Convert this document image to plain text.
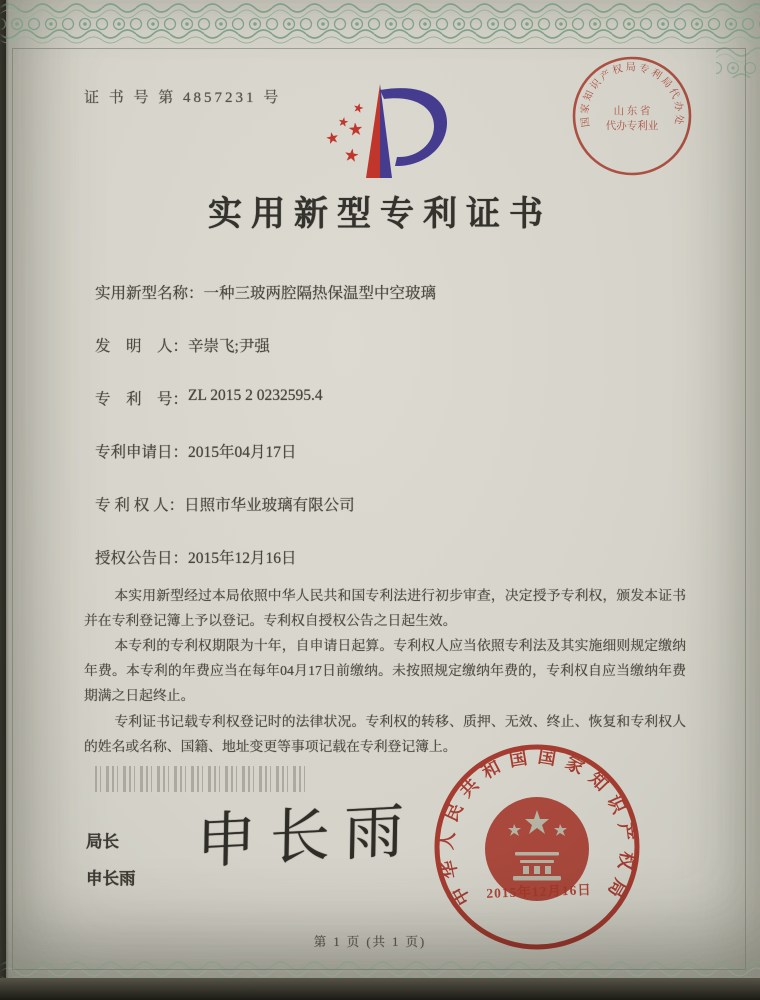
证 书 号 第 4857231 号
★
★
★
★
★
国家知识产权局专利局代办处
山 东 省
代办专利业
实用新型专利证书
实用新型名称： 一种三玻两腔隔热保温型中空玻璃
发　明　人： 辛崇飞;尹强
专　利　号： ZL 2015 2 0232595.4
专利申请日： 2015年04月17日
专 利 权 人： 日照市华业玻璃有限公司
授权公告日： 2015年12月16日

本实用新型经过本局依照中华人民共和国专利法进行初步审查，决定授予专利权，颁发本证书并在专利登记簿上予以登记。专利权自授权公告之日起生效。

本专利的专利权期限为十年，自申请日起算。专利权人应当依照专利法及其实施细则规定缴纳年费。本专利的年费应当在每年04月17日前缴纳。未按照规定缴纳年费的，专利权自应当缴纳年费期满之日起终止。

专利证书记载专利权登记时的法律状况。专利权的转移、质押、无效、终止、恢复和专利权人的姓名或名称、国籍、地址变更等事项记载在专利登记簿上。

局长
申长雨
申长雨
中华人民共和国国家知识产权局
2015年12月16日
第 1 页 (共 1 页)
